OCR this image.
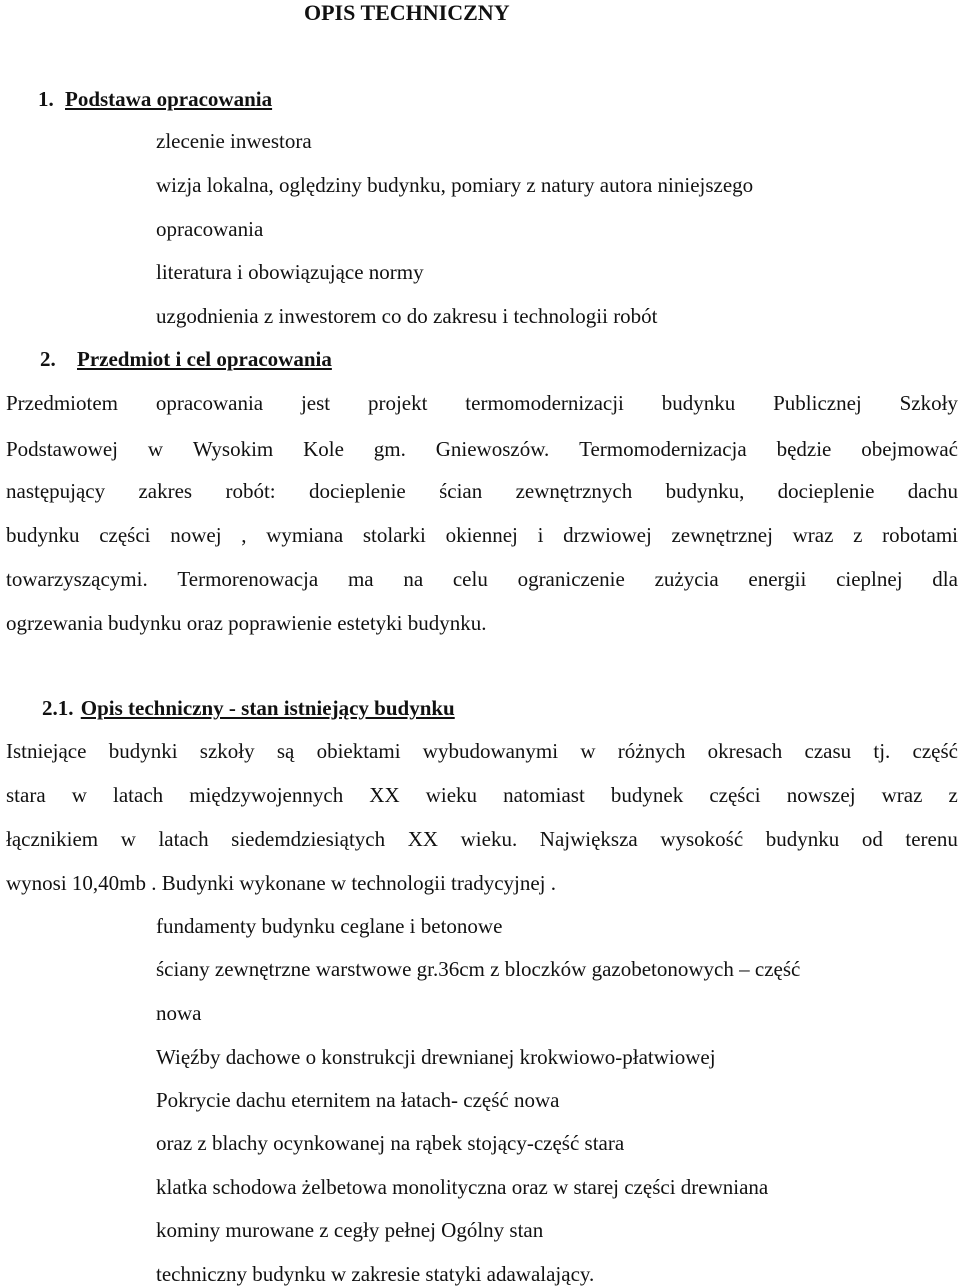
OPIS TECHNICZNY
1. Podstawa opracowania
zlecenie inwestora
wizja lokalna, oględziny budynku, pomiary z natury autora niniejszego
opracowania
literatura i obowiązujące normy
uzgodnienia z inwestorem co do zakresu i technologii robót
2. Przedmiot i cel opracowania
Przedmiotem opracowania jest projekt termomodernizacji budynku Publicznej Szkoły
Podstawowej w Wysokim Kole gm. Gniewoszów. Termomodernizacja będzie obejmować
następujący zakres robót: docieplenie ścian zewnętrznych budynku, docieplenie dachu
budynku części nowej , wymiana stolarki okiennej i drzwiowej zewnętrznej wraz z robotami
towarzyszącymi. Termorenowacja ma na celu ograniczenie zużycia energii cieplnej dla
ogrzewania budynku oraz poprawienie estetyki budynku.
2.1. Opis techniczny - stan istniejący budynku
Istniejące budynki szkoły są obiektami wybudowanymi w różnych okresach czasu tj. część
stara w latach międzywojennych XX wieku natomiast budynek części nowszej wraz z
łącznikiem w latach siedemdziesiątych XX wieku. Największa wysokość budynku od terenu
wynosi 10,40mb . Budynki wykonane w technologii tradycyjnej .
fundamenty budynku ceglane i betonowe
ściany zewnętrzne warstwowe gr.36cm z bloczków gazobetonowych – część
nowa
Więźby dachowe o konstrukcji drewnianej krokwiowo-płatwiowej
Pokrycie dachu eternitem na łatach- część nowa
oraz z blachy ocynkowanej na rąbek stojący-część stara
klatka schodowa żelbetowa monolityczna oraz w starej części drewniana
kominy murowane z cegły pełnej Ogólny stan
techniczny budynku w zakresie statyki adawalający.
